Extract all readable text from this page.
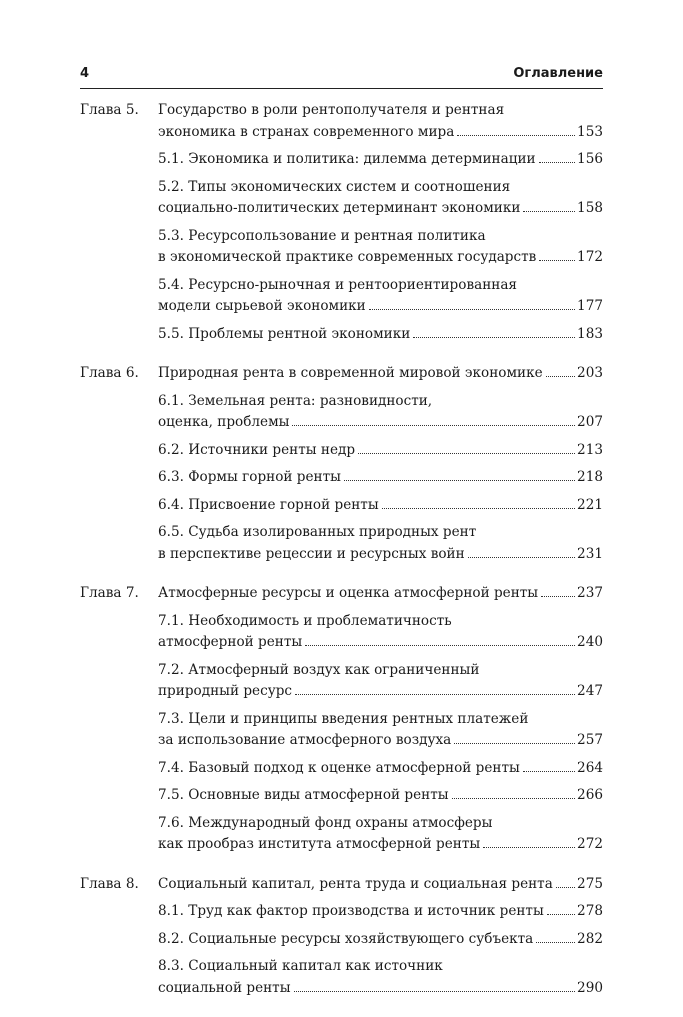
4	Оглавление
Глава 5.	Государство в роли рентополучателя и рентная
экономика в странах современного мира	153
5.1. Экономика и политика: дилемма детерминации	156
5.2. Типы экономических систем и соотношения
социально-политических детерминант экономики	158
5.3. Ресурсопользование и рентная политика
в экономической практике современных государств	172
5.4. Ресурсно-рыночная и рентоориентированная
модели сырьевой экономики	177
5.5. Проблемы рентной экономики	183
Глава 6.	Природная рента в современной мировой экономике	203
6.1. Земельная рента: разновидности,
оценка, проблемы	207
6.2. Источники ренты недр	213
6.3. Формы горной ренты	218
6.4. Присвоение горной ренты	221
6.5. Судьба изолированных природных рент
в перспективе рецессии и ресурсных войн	231
Глава 7.	Атмосферные ресурсы и оценка атмосферной ренты	237
7.1. Необходимость и проблематичность
атмосферной ренты	240
7.2. Атмосферный воздух как ограниченный
природный ресурс	247
7.3. Цели и принципы введения рентных платежей
за использование атмосферного воздуха	257
7.4. Базовый подход к оценке атмосферной ренты	264
7.5. Основные виды атмосферной ренты	266
7.6. Международный фонд охраны атмосферы
как прообраз института атмосферной ренты	272
Глава 8.	Социальный капитал, рента труда и социальная рента 275
8.1. Труд как фактор производства и источник ренты 278
8.2. Социальные ресурсы хозяйствующего субъекта	282
8.3. Социальный капитал как источник
социальной ренты	290
